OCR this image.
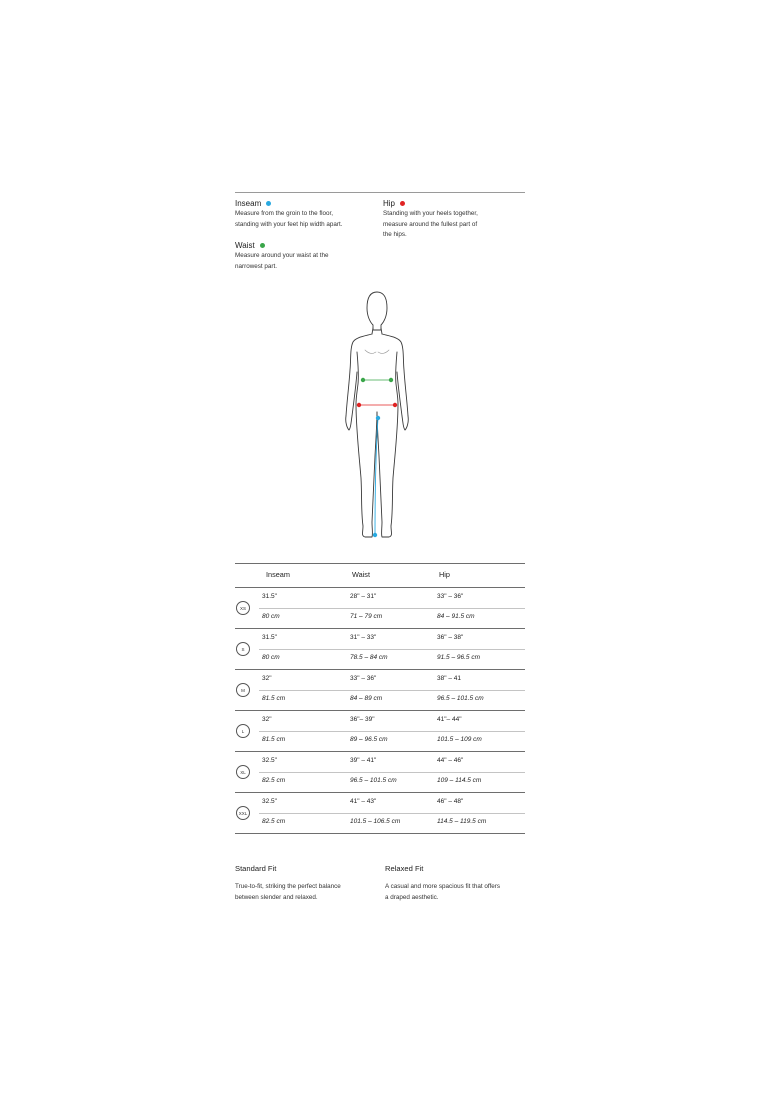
Inseam
Measure from the groin to the floor,
standing with your feet hip width apart.
Hip
Standing with your heels together,
measure around the fullest part of
the hips.
Waist
Measure around your waist at the
narrowest part.
Inseam	Waist	Hip
XS
31.5"	28" – 31"	33" – 36"
80 cm	71 – 79 cm	84 – 91.5 cm
S
31.5"	31" – 33"	36" – 38"
80 cm	78.5 – 84 cm	91.5 – 96.5 cm
M
32"	33" – 36"	38" – 41
81.5 cm	84 – 89 cm	96.5 – 101.5 cm
L
32"	36"– 39"	41"– 44"
81.5 cm	89 – 96.5 cm	101.5 – 109 cm
XL
32.5"	39" – 41"	44" – 46"
82.5 cm	96.5 – 101.5 cm	109 – 114.5 cm
XXL
32.5"	41" – 43"	46" – 48"
82.5 cm	101.5 – 106.5 cm	114.5 – 119.5 cm
Standard Fit
True-to-fit, striking the perfect balance
between slender and relaxed.
Relaxed Fit
A casual and more spacious fit that offers
a draped aesthetic.
